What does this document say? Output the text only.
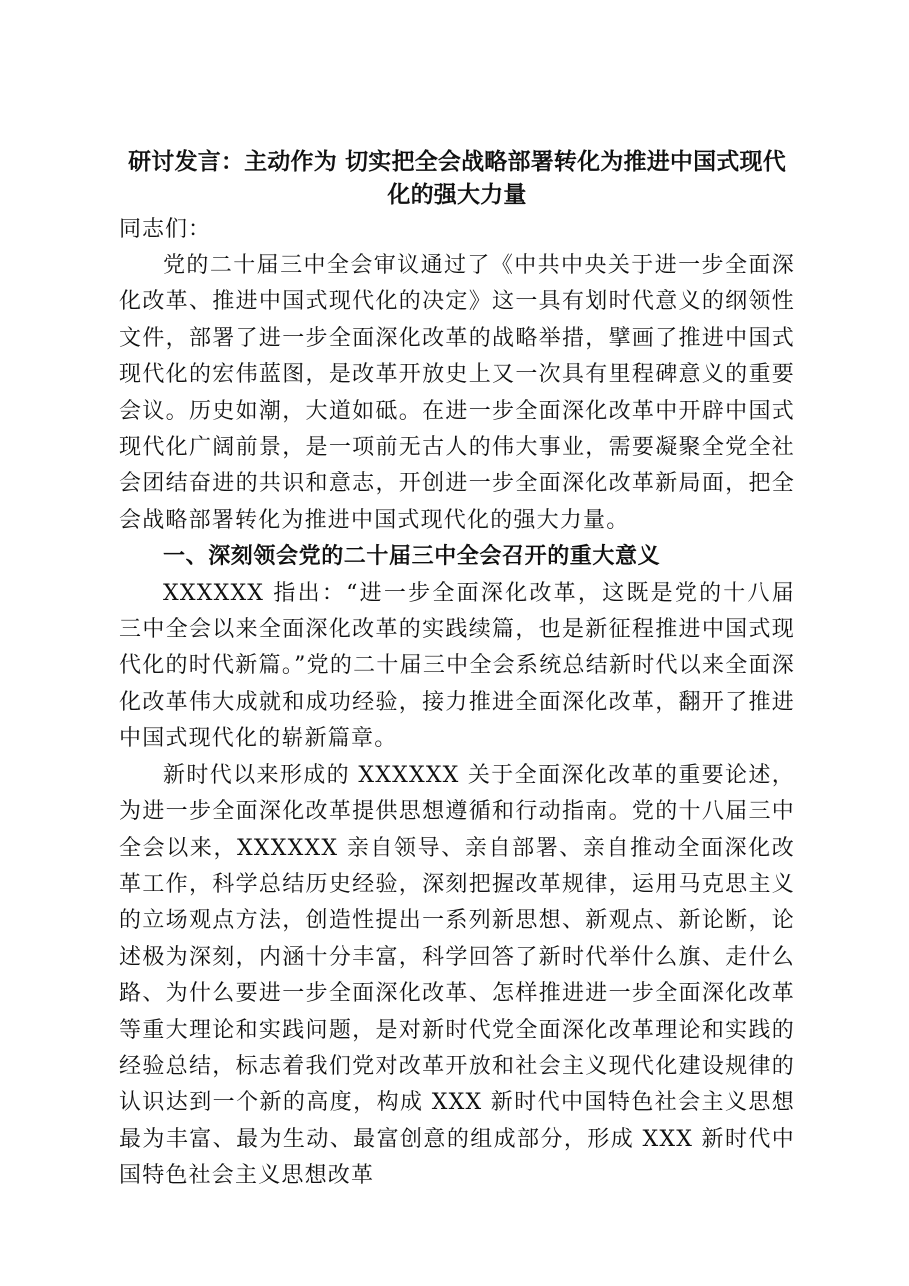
研讨发言：主动作为 切实把全会战略部署转化为推进中国式现代化的强大力量

同志们：

党的二十届三中全会审议通过了《中共中央关于进一步全面深化改革、推进中国式现代化的决定》这一具有划时代意义的纲领性文件，部署了进一步全面深化改革的战略举措，擘画了推进中国式现代化的宏伟蓝图，是改革开放史上又一次具有里程碑意义的重要会议。历史如潮，大道如砥。在进一步全面深化改革中开辟中国式现代化广阔前景，是一项前无古人的伟大事业，需要凝聚全党全社会团结奋进的共识和意志，开创进一步全面深化改革新局面，把全会战略部署转化为推进中国式现代化的强大力量。

一、深刻领会党的二十届三中全会召开的重大意义

XXXXXX 指出：“进一步全面深化改革，这既是党的十八届三中全会以来全面深化改革的实践续篇，也是新征程推进中国式现代化的时代新篇。”党的二十届三中全会系统总结新时代以来全面深化改革伟大成就和成功经验，接力推进全面深化改革，翻开了推进中国式现代化的崭新篇章。

新时代以来形成的 XXXXXX 关于全面深化改革的重要论述，为进一步全面深化改革提供思想遵循和行动指南。党的十八届三中全会以来，XXXXXX 亲自领导、亲自部署、亲自推动全面深化改革工作，科学总结历史经验，深刻把握改革规律，运用马克思主义的立场观点方法，创造性提出一系列新思想、新观点、新论断，论述极为深刻，内涵十分丰富，科学回答了新时代举什么旗、走什么路、为什么要进一步全面深化改革、怎样推进进一步全面深化改革等重大理论和实践问题，是对新时代党全面深化改革理论和实践的经验总结，标志着我们党对改革开放和社会主义现代化建设规律的认识达到一个新的高度，构成 XXX 新时代中国特色社会主义思想最为丰富、最为生动、最富创意的组成部分，形成 XXX 新时代中国特色社会主义思想改革
